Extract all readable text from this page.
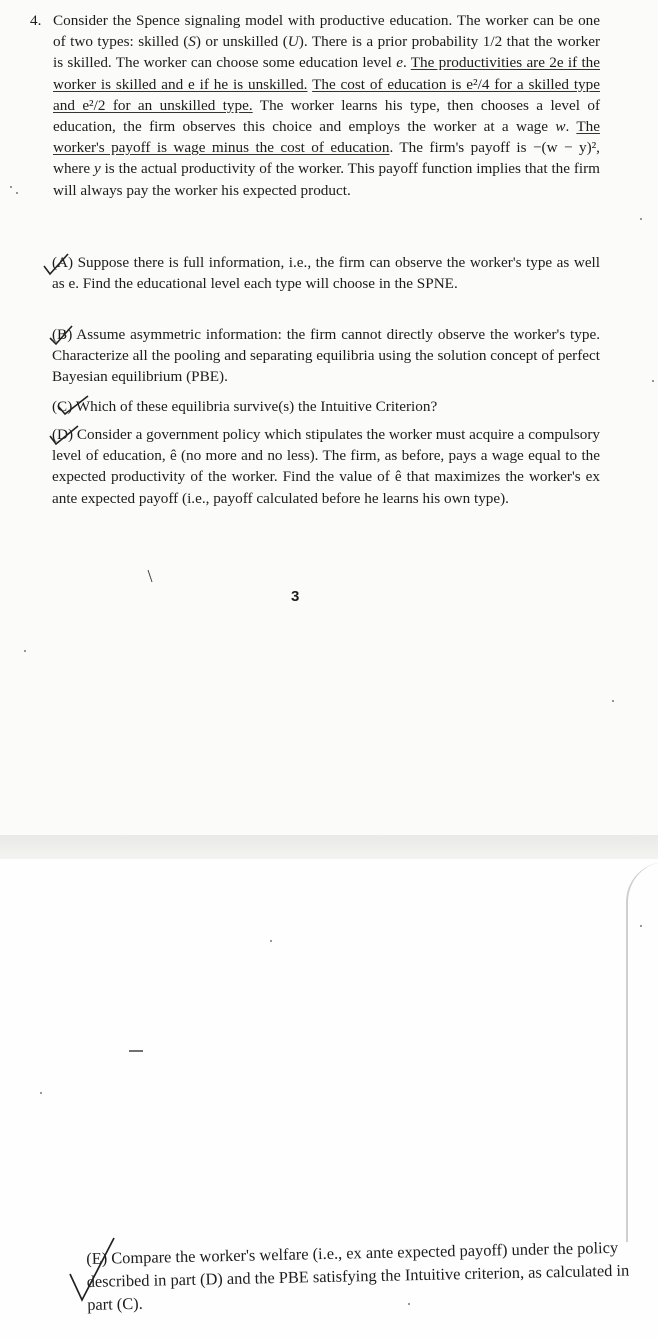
4. Consider the Spence signaling model with productive education. The worker can be one of two types: skilled (S) or unskilled (U). There is a prior probability 1/2 that the worker is skilled. The worker can choose some education level e. The productivities are 2e if the worker is skilled and e if he is unskilled. The cost of education is e²/4 for a skilled type and e²/2 for an unskilled type. The worker learns his type, then chooses a level of education, the firm observes this choice and employs the worker at a wage w. The worker's payoff is wage minus the cost of education. The firm's payoff is −(w − y)², where y is the actual productivity of the worker. This payoff function implies that the firm will always pay the worker his expected product.
(A) Suppose there is full information, i.e., the firm can observe the worker's type as well as e. Find the educational level each type will choose in the SPNE.
(B) Assume asymmetric information: the firm cannot directly observe the worker's type. Characterize all the pooling and separating equilibria using the solution concept of perfect Bayesian equilibrium (PBE).
(C) Which of these equilibria survive(s) the Intuitive Criterion?
(D) Consider a government policy which stipulates the worker must acquire a compulsory level of education, ê (no more and no less). The firm, as before, pays a wage equal to the expected productivity of the worker. Find the value of ê that maximizes the worker's ex ante expected payoff (i.e., payoff calculated before he learns his own type).
3
(E) Compare the worker's welfare (i.e., ex ante expected payoff) under the policy described in part (D) and the PBE satisfying the Intuitive criterion, as calculated in part (C).
